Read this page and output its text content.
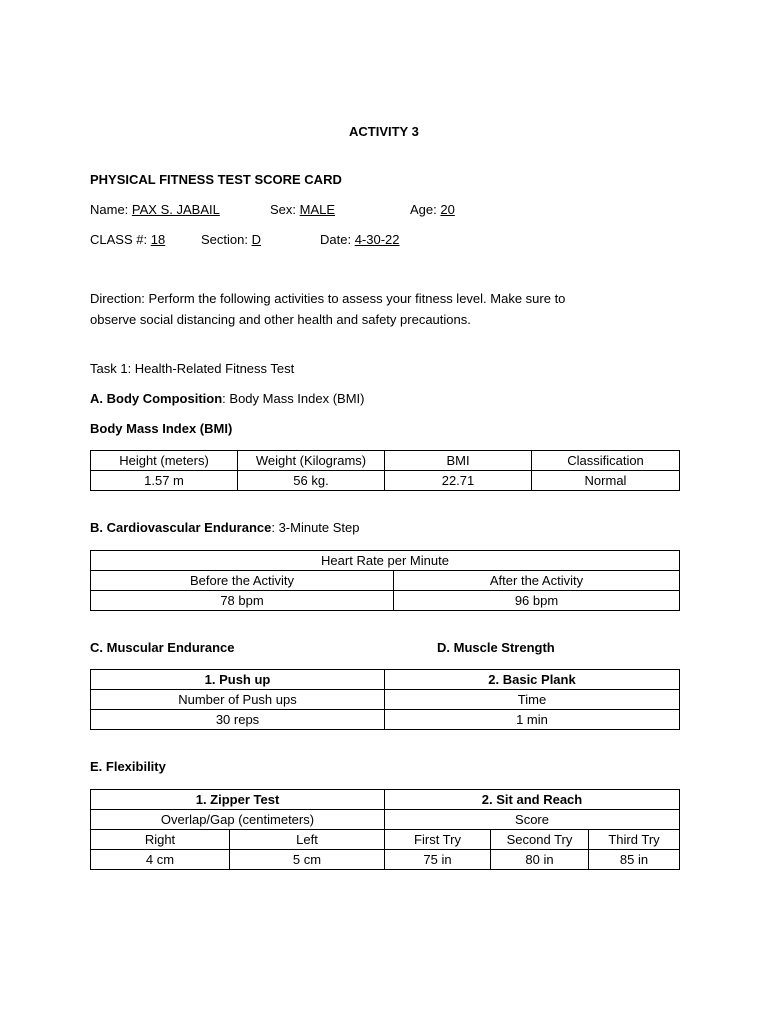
ACTIVITY 3
PHYSICAL FITNESS TEST SCORE CARD
Name: PAX S. JABAIL	Sex: MALE	Age: 20
CLASS #: 18	Section: D	Date: 4-30-22
Direction: Perform the following activities to assess your fitness level. Make sure to
observe social distancing and other health and safety precautions.
Task 1: Health-Related Fitness Test
A. Body Composition: Body Mass Index (BMI)
Body Mass Index (BMI)
Height (meters)	Weight (Kilograms)	BMI	Classification
1.57 m	56 kg.	22.71	Normal
B. Cardiovascular Endurance: 3-Minute Step
Heart Rate per Minute	
Before the Activity	After the Activity
78 bpm	96 bpm
C. Muscular Endurance	D. Muscle Strength
1. Push up	2. Basic Plank
Number of Push ups	Time
30 reps	1 min
E. Flexibility
1. Zipper Test		2. Sit and Reach		
Overlap/Gap (centimeters)		Score		
Right	Left	First Try	Second Try	Third Try
4 cm	5 cm	75 in	80 in	85 in
